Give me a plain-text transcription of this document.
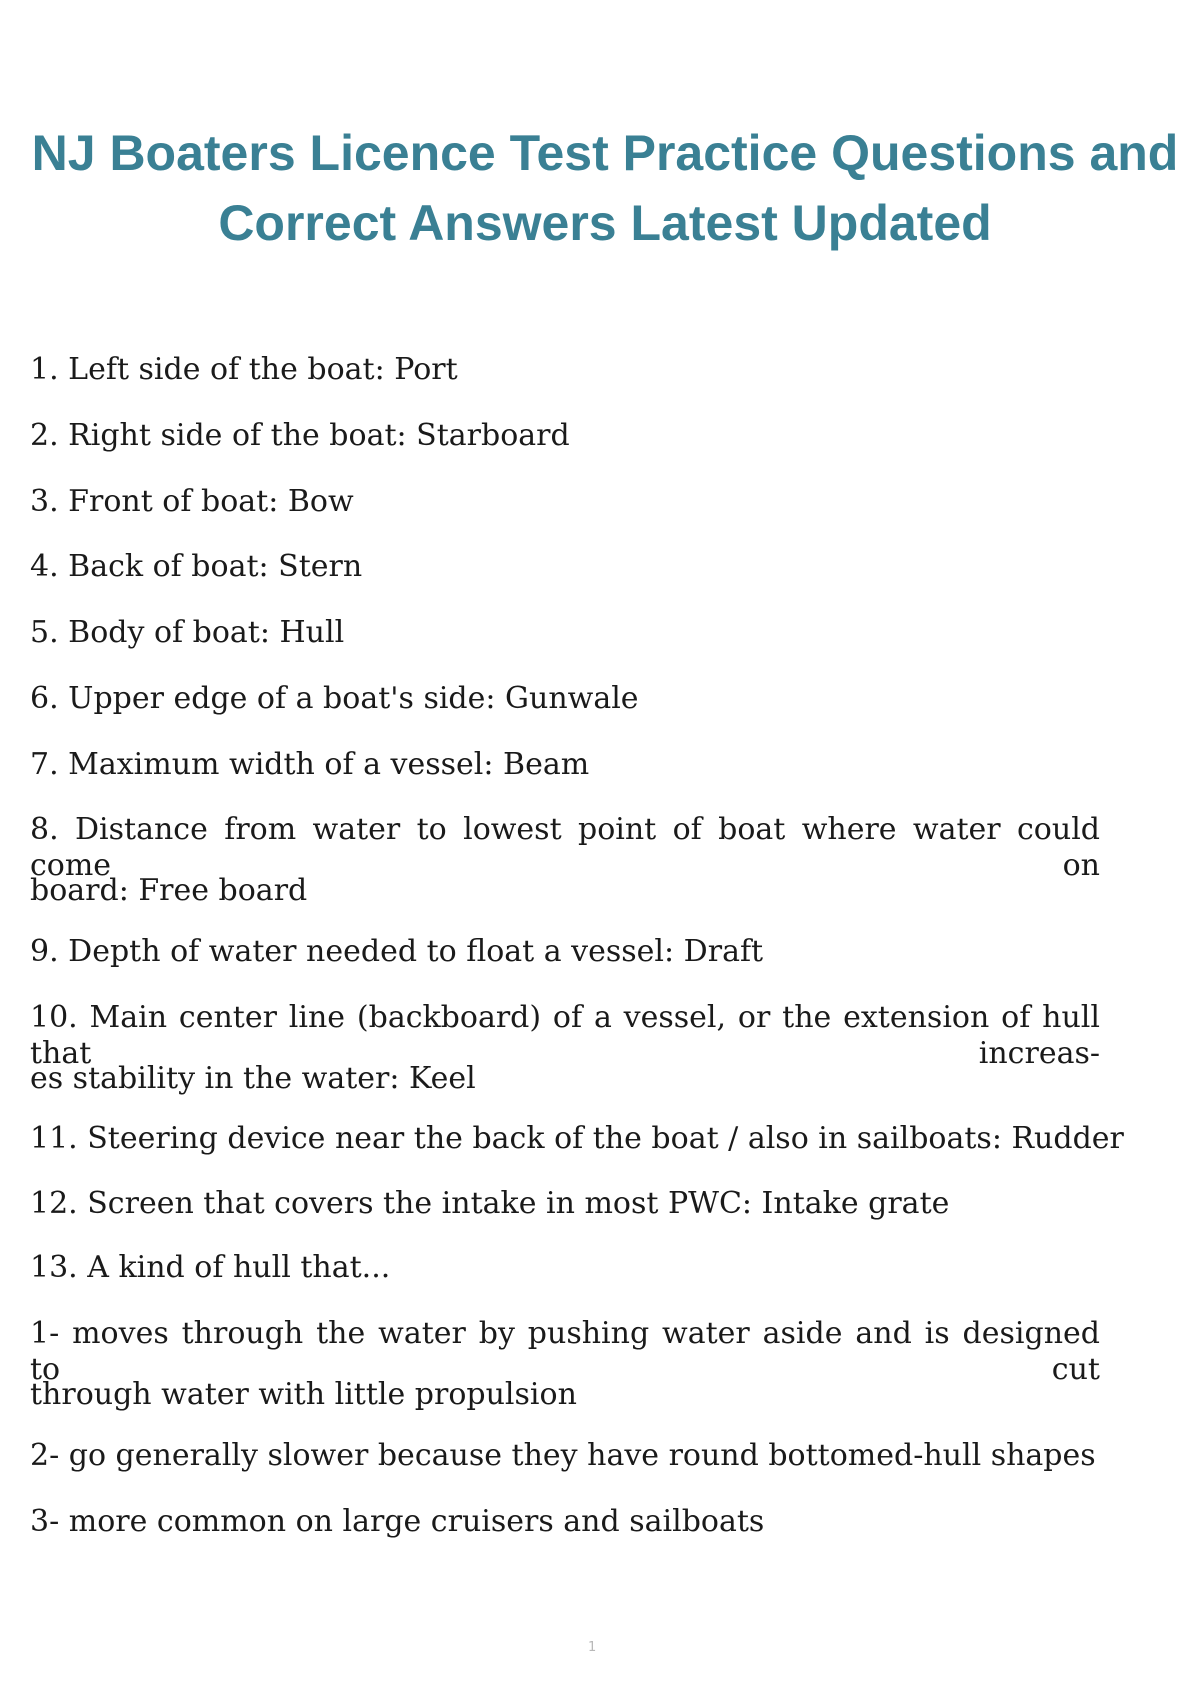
NJ Boaters Licence Test Practice Questions and
Correct Answers Latest Updated

1. Left side of the boat: Port

2. Right side of the boat: Starboard

3. Front of boat: Bow

4. Back of boat: Stern

5. Body of boat: Hull

6. Upper edge of a boat's side: Gunwale

7. Maximum width of a vessel: Beam

8. Distance from water to lowest point of boat where water could come on

board: Free board

9. Depth of water needed to float a vessel: Draft

10. Main center line (backboard) of a vessel, or the extension of hull that increas-

es stability in the water: Keel

11. Steering device near the back of the boat / also in sailboats: Rudder

12. Screen that covers the intake in most PWC: Intake grate

13. A kind of hull that...

1- moves through the water by pushing water aside and is designed to cut

through water with little propulsion

2- go generally slower because they have round bottomed-hull shapes

3- more common on large cruisers and sailboats

1
